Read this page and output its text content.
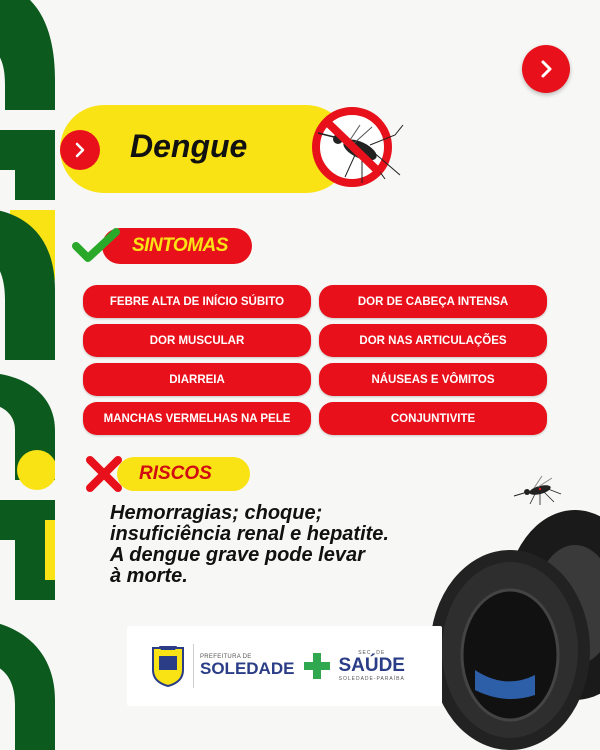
Dengue
SINTOMAS
FEBRE ALTA DE INÍCIO SÚBITO	DOR DE CABEÇA INTENSA
DOR MUSCULAR	DOR NAS ARTICULAÇÕES
DIARREIA	NÁUSEAS E VÔMITOS
MANCHAS VERMELHAS NA PELE	CONJUNTIVITE
RISCOS
Hemorragias; choque;
insuficiência renal e hepatite.
A dengue grave pode levar
à morte.
PREFEITURA DE
SOLEDADE
SEC. DE
SAÚDE
SOLEDADE-PARAÍBA
